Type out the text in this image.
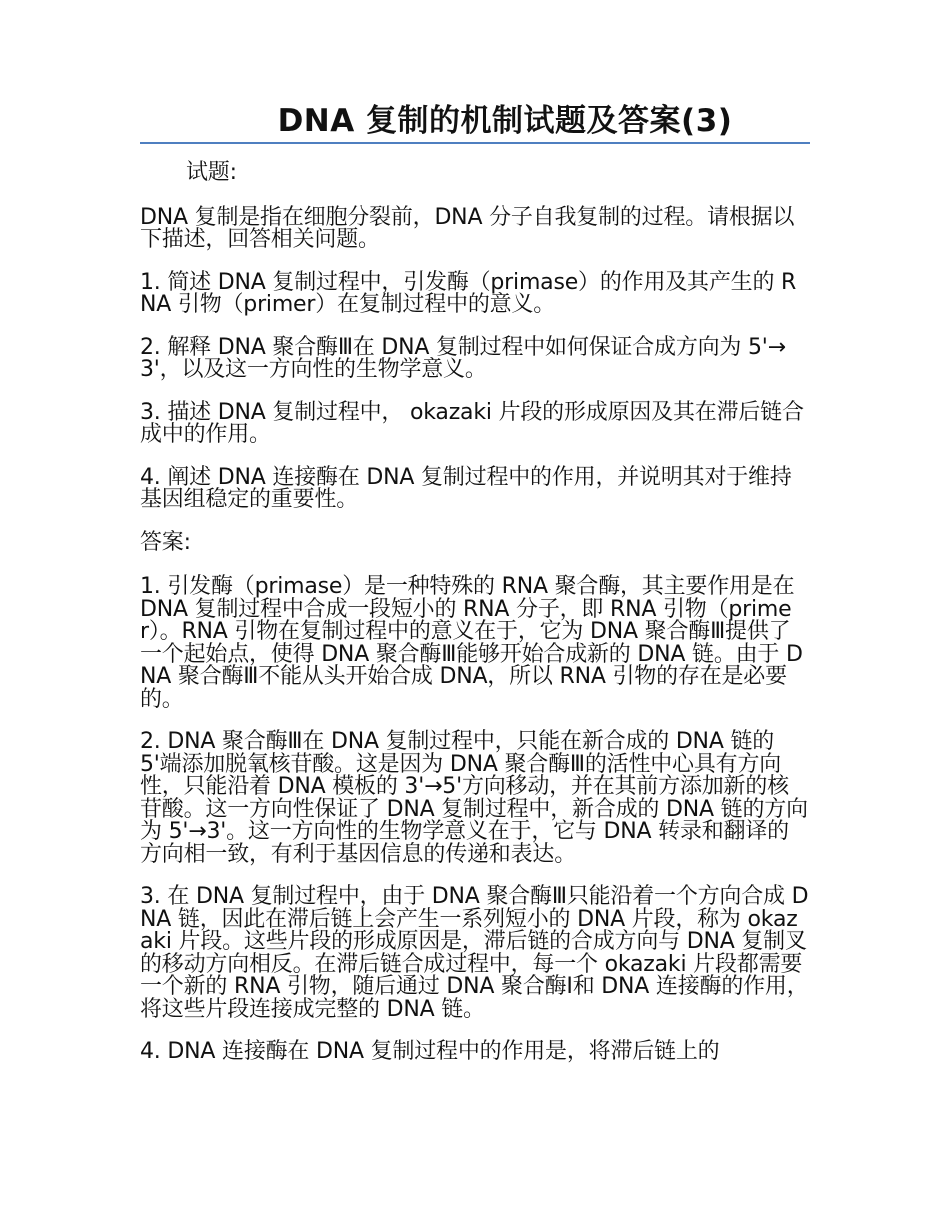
DNA 复制的机制试题及答案(3)

试题:

DNA 复制是指在细胞分裂前，DNA 分子自我复制的过程。请根据以下描述，回答相关问题。

1. 简述 DNA 复制过程中，引发酶（primase）的作用及其产生的 RNA 引物（primer）在复制过程中的意义。

2. 解释 DNA 聚合酶Ⅲ在 DNA 复制过程中如何保证合成方向为 5'→3'，以及这一方向性的生物学意义。

3. 描述 DNA 复制过程中， okazaki 片段的形成原因及其在滞后链合成中的作用。

4. 阐述 DNA 连接酶在 DNA 复制过程中的作用，并说明其对于维持基因组稳定的重要性。

答案:

1. 引发酶（primase）是一种特殊的 RNA 聚合酶，其主要作用是在 DNA 复制过程中合成一段短小的 RNA 分子，即 RNA 引物（primer）。RNA 引物在复制过程中的意义在于，它为 DNA 聚合酶Ⅲ提供了一个起始点，使得 DNA 聚合酶Ⅲ能够开始合成新的 DNA 链。由于 DNA 聚合酶Ⅲ不能从头开始合成 DNA，所以 RNA 引物的存在是必要的。

2. DNA 聚合酶Ⅲ在 DNA 复制过程中，只能在新合成的 DNA 链的 5'端添加脱氧核苷酸。这是因为 DNA 聚合酶Ⅲ的活性中心具有方向性，只能沿着 DNA 模板的 3'→5'方向移动，并在其前方添加新的核苷酸。这一方向性保证了 DNA 复制过程中，新合成的 DNA 链的方向为 5'→3'。这一方向性的生物学意义在于，它与 DNA 转录和翻译的方向相一致，有利于基因信息的传递和表达。

3. 在 DNA 复制过程中，由于 DNA 聚合酶Ⅲ只能沿着一个方向合成 DNA 链，因此在滞后链上会产生一系列短小的 DNA 片段，称为 okazaki 片段。这些片段的形成原因是，滞后链的合成方向与 DNA 复制叉的移动方向相反。在滞后链合成过程中，每一个 okazaki 片段都需要一个新的 RNA 引物，随后通过 DNA 聚合酶Ⅰ和 DNA 连接酶的作用，将这些片段连接成完整的 DNA 链。

4. DNA 连接酶在 DNA 复制过程中的作用是，将滞后链上的
